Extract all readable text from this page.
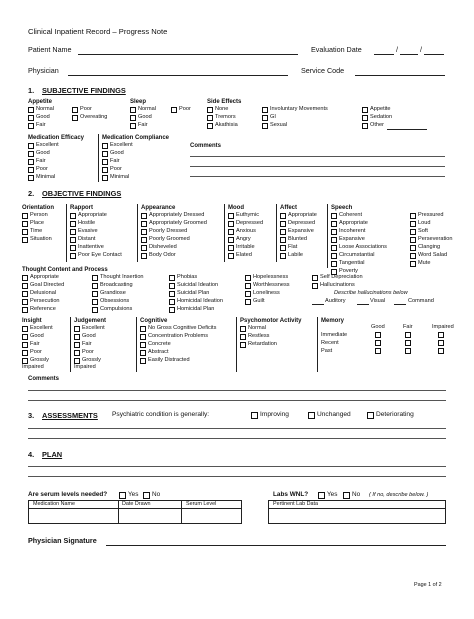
Clinical Inpatient Record – Progress Note
Patient Name	Evaluation Date	/	/
Physician	Service Code
1. SUBJECTIVE FINDINGS
Appetite
Normal	Poor
Good	Overeating
Fair
Sleep
Normal	Poor
Good
Fair
Side Effects
None	Involuntary Movements	Appetite
Tremors	GI	Sedation
Akathisia	Sexual	Other
Medication Efficacy
Excellent
Good
Fair
Poor
Minimal
Medication Compliance
Excellent
Good
Fair
Poor
Minimal
Comments
2. OBJECTIVE FINDINGS
Orientation
Person
Place
Time
Situation
Rapport
Appropriate
Hostile
Evasive
Distant
Inattentive
Poor Eye Contact
Appearance
Appropriately Dressed
Appropriately Groomed
Poorly Dressed
Poorly Groomed
Disheveled
Body Odor
Mood
Euthymic
Depressed
Anxious
Angry
Irritable
Elated
Affect
Appropriate
Depressed
Expansive
Blunted
Flat
Labile
Speech
Coherent	Pressured
Appropriate	Loud
Incoherent	Soft
Expansive	Perseveration
Loose Associations	Clanging
Circumstantial	Word Salad
Tangential	Mute
Poverty
Thought Content and Process
Appropriate
Goal Directed
Delusional
Persecution
Reference
Thought Insertion
Broadcasting
Grandiose
Obsessions
Compulsions
Phobias
Suicidal Ideation
Suicidal Plan
Homicidal Ideation
Homicidal Plan
Hopelessness
Worthlessness
Loneliness
Guilt
Self Depreciation
Hallucinations
Describe hallucinations below
Auditory	Visual	Command
Insight
Excellent
Good
Fair
Poor
Grossly
Impaired
Judgement
Excellent
Good
Fair
Poor
Grossly
Impaired
Cognitive
No Gross Cognitive Deficits
Concentration Problems
Concrete
Abstract
Easily Distracted
Psychomotor Activity
Normal
Restless
Retardation
Memory
Good	Fair	Impaired
Immediate
Recent
Past
Comments
3. ASSESSMENTS Psychiatric condition is generally:	Improving	Unchanged	Deteriorating
4. PLAN
Are serum levels needed?	Yes No
Medication Name	Date Drawn	Serum Level
Labs WNL?	Yes No ( If no, describe below. )
Pertinent Lab Data
Physician Signature
Page 1 of 2
